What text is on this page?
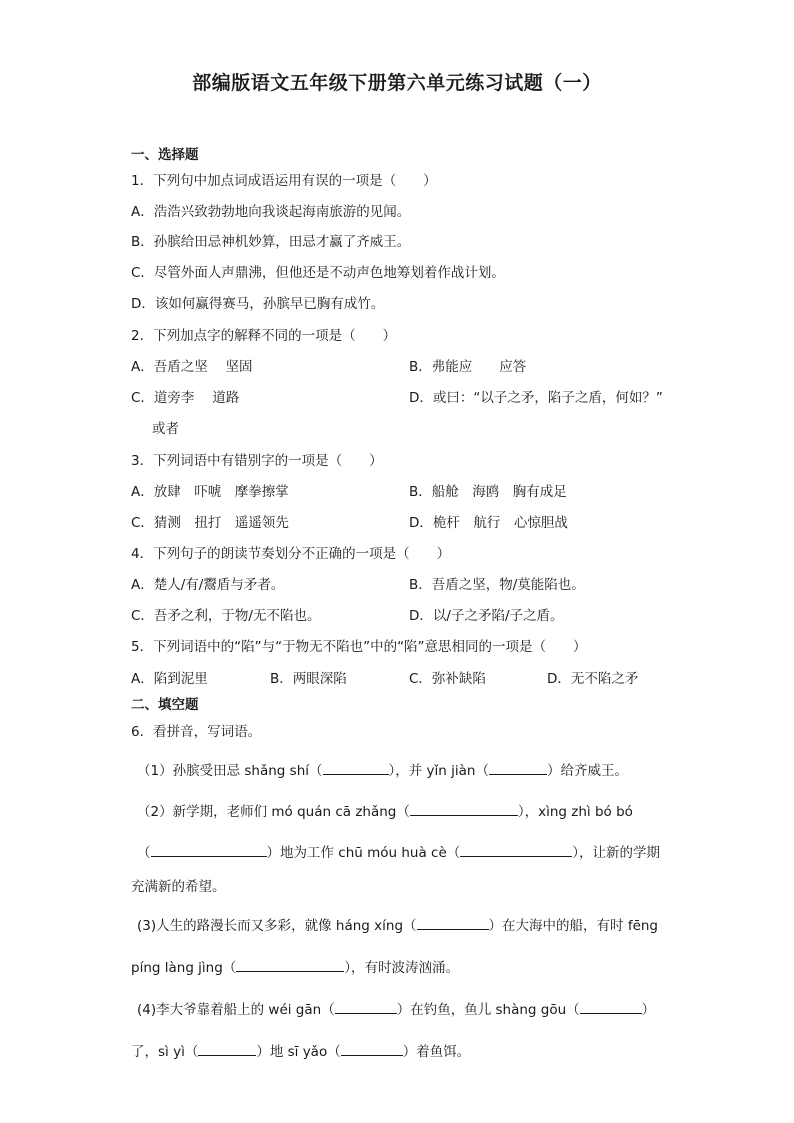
部编版语文五年级下册第六单元练习试题（一）
一、选择题
1．下列句中加点词成语运用有误的一项是（　　）
A．浩浩兴致勃勃地向我谈起海南旅游的见闻。
B．孙膑给田忌神机妙算，田忌才赢了齐威王。
C．尽管外面人声鼎沸，但他还是不动声色地筹划着作战计划。
D．该如何赢得赛马，孙膑早已胸有成竹。
2．下列加点字的解释不同的一项是（　　）
A．吾盾之坚　 坚固	B．弗能应　　应答
C．道旁李　 道路	D．或曰：“以子之矛，陷子之盾，何如？”
或者
3．下列词语中有错别字的一项是（　　）
A．放肆　吓唬　摩拳擦掌	B．船舱　海鸥　胸有成足
C．猜测　扭打　遥遥领先	D．桅杆　航行　心惊胆战
4．下列句子的朗读节奏划分不正确的一项是（　　）
A．楚人/有/鬻盾与矛者。	B．吾盾之坚，物/莫能陷也。
C．吾矛之利，于物/无不陷也。	D．以/子之矛陷/子之盾。
5．下列词语中的“陷”与“于物无不陷也”中的“陷”意思相同的一项是（　　）
A．陷到泥里	B．两眼深陷	C．弥补缺陷	D．无不陷之矛
二、填空题
6．看拼音，写词语。
（1）孙膑受田忌 shǎng shí（	），并 yǐn jiàn（	）给齐威王。
（2）新学期，老师们 mó quán cā zhǎng（	），xìng zhì bó bó
（	）地为工作 chū móu huà cè（	），让新的学期
充满新的希望。
(3)人生的路漫长而又多彩，就像 háng xíng（	）在大海中的船，有时 fēng
píng làng jìng（	），有时波涛汹涌。
(4)李大爷靠着船上的 wéi gān（	）在钓鱼，鱼儿 shàng gōu（	）
了，sì yì（	）地 sī yǎo（	）着鱼饵。
